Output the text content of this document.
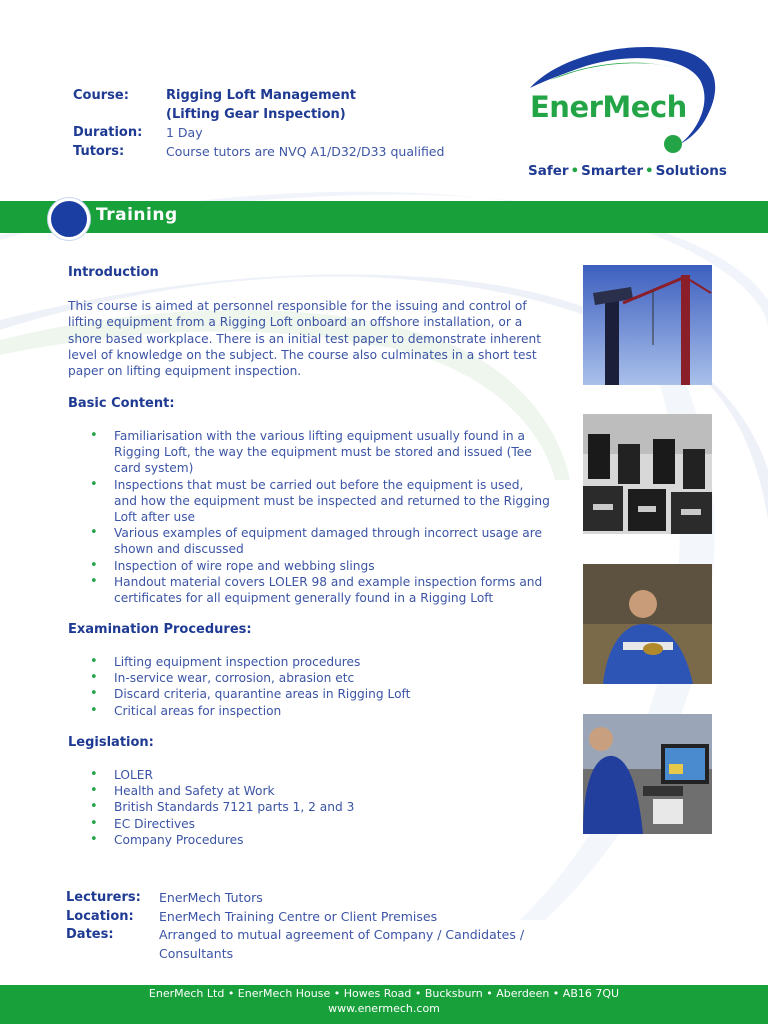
Course:	Rigging Loft Management
(Lifting Gear Inspection)
Duration:	1 Day
Tutors:	Course tutors are NVQ A1/D32/D33 qualified
EnerMech
Safer • Smarter • Solutions
Training
Introduction
This course is aimed at personnel responsible for the issuing and control of lifting equipment from a Rigging Loft onboard an offshore installation, or a shore based workplace. There is an initial test paper to demonstrate inherent level of knowledge on the subject. The course also culminates in a short test paper on lifting equipment inspection.
Basic Content:
• Familiarisation with the various lifting equipment usually found in a Rigging Loft, the way the equipment must be stored and issued (Tee card system)
• Inspections that must be carried out before the equipment is used, and how the equipment must be inspected and returned to the Rigging Loft after use
• Various examples of equipment damaged through incorrect usage are shown and discussed
• Inspection of wire rope and webbing slings
• Handout material covers LOLER 98 and example inspection forms and certificates for all equipment generally found in a Rigging Loft
Examination Procedures:
• Lifting equipment inspection procedures
• In-service wear, corrosion, abrasion etc
• Discard criteria, quarantine areas in Rigging Loft
• Critical areas for inspection
Legislation:
• LOLER
• Health and Safety at Work
• British Standards 7121 parts 1, 2 and 3
• EC Directives
• Company Procedures
Lecturers:	EnerMech Tutors
Location:	EnerMech Training Centre or Client Premises
Dates:	Arranged to mutual agreement of Company / Candidates / Consultants
EnerMech Ltd • EnerMech House • Howes Road • Bucksburn • Aberdeen • AB16 7QU
www.enermech.com
